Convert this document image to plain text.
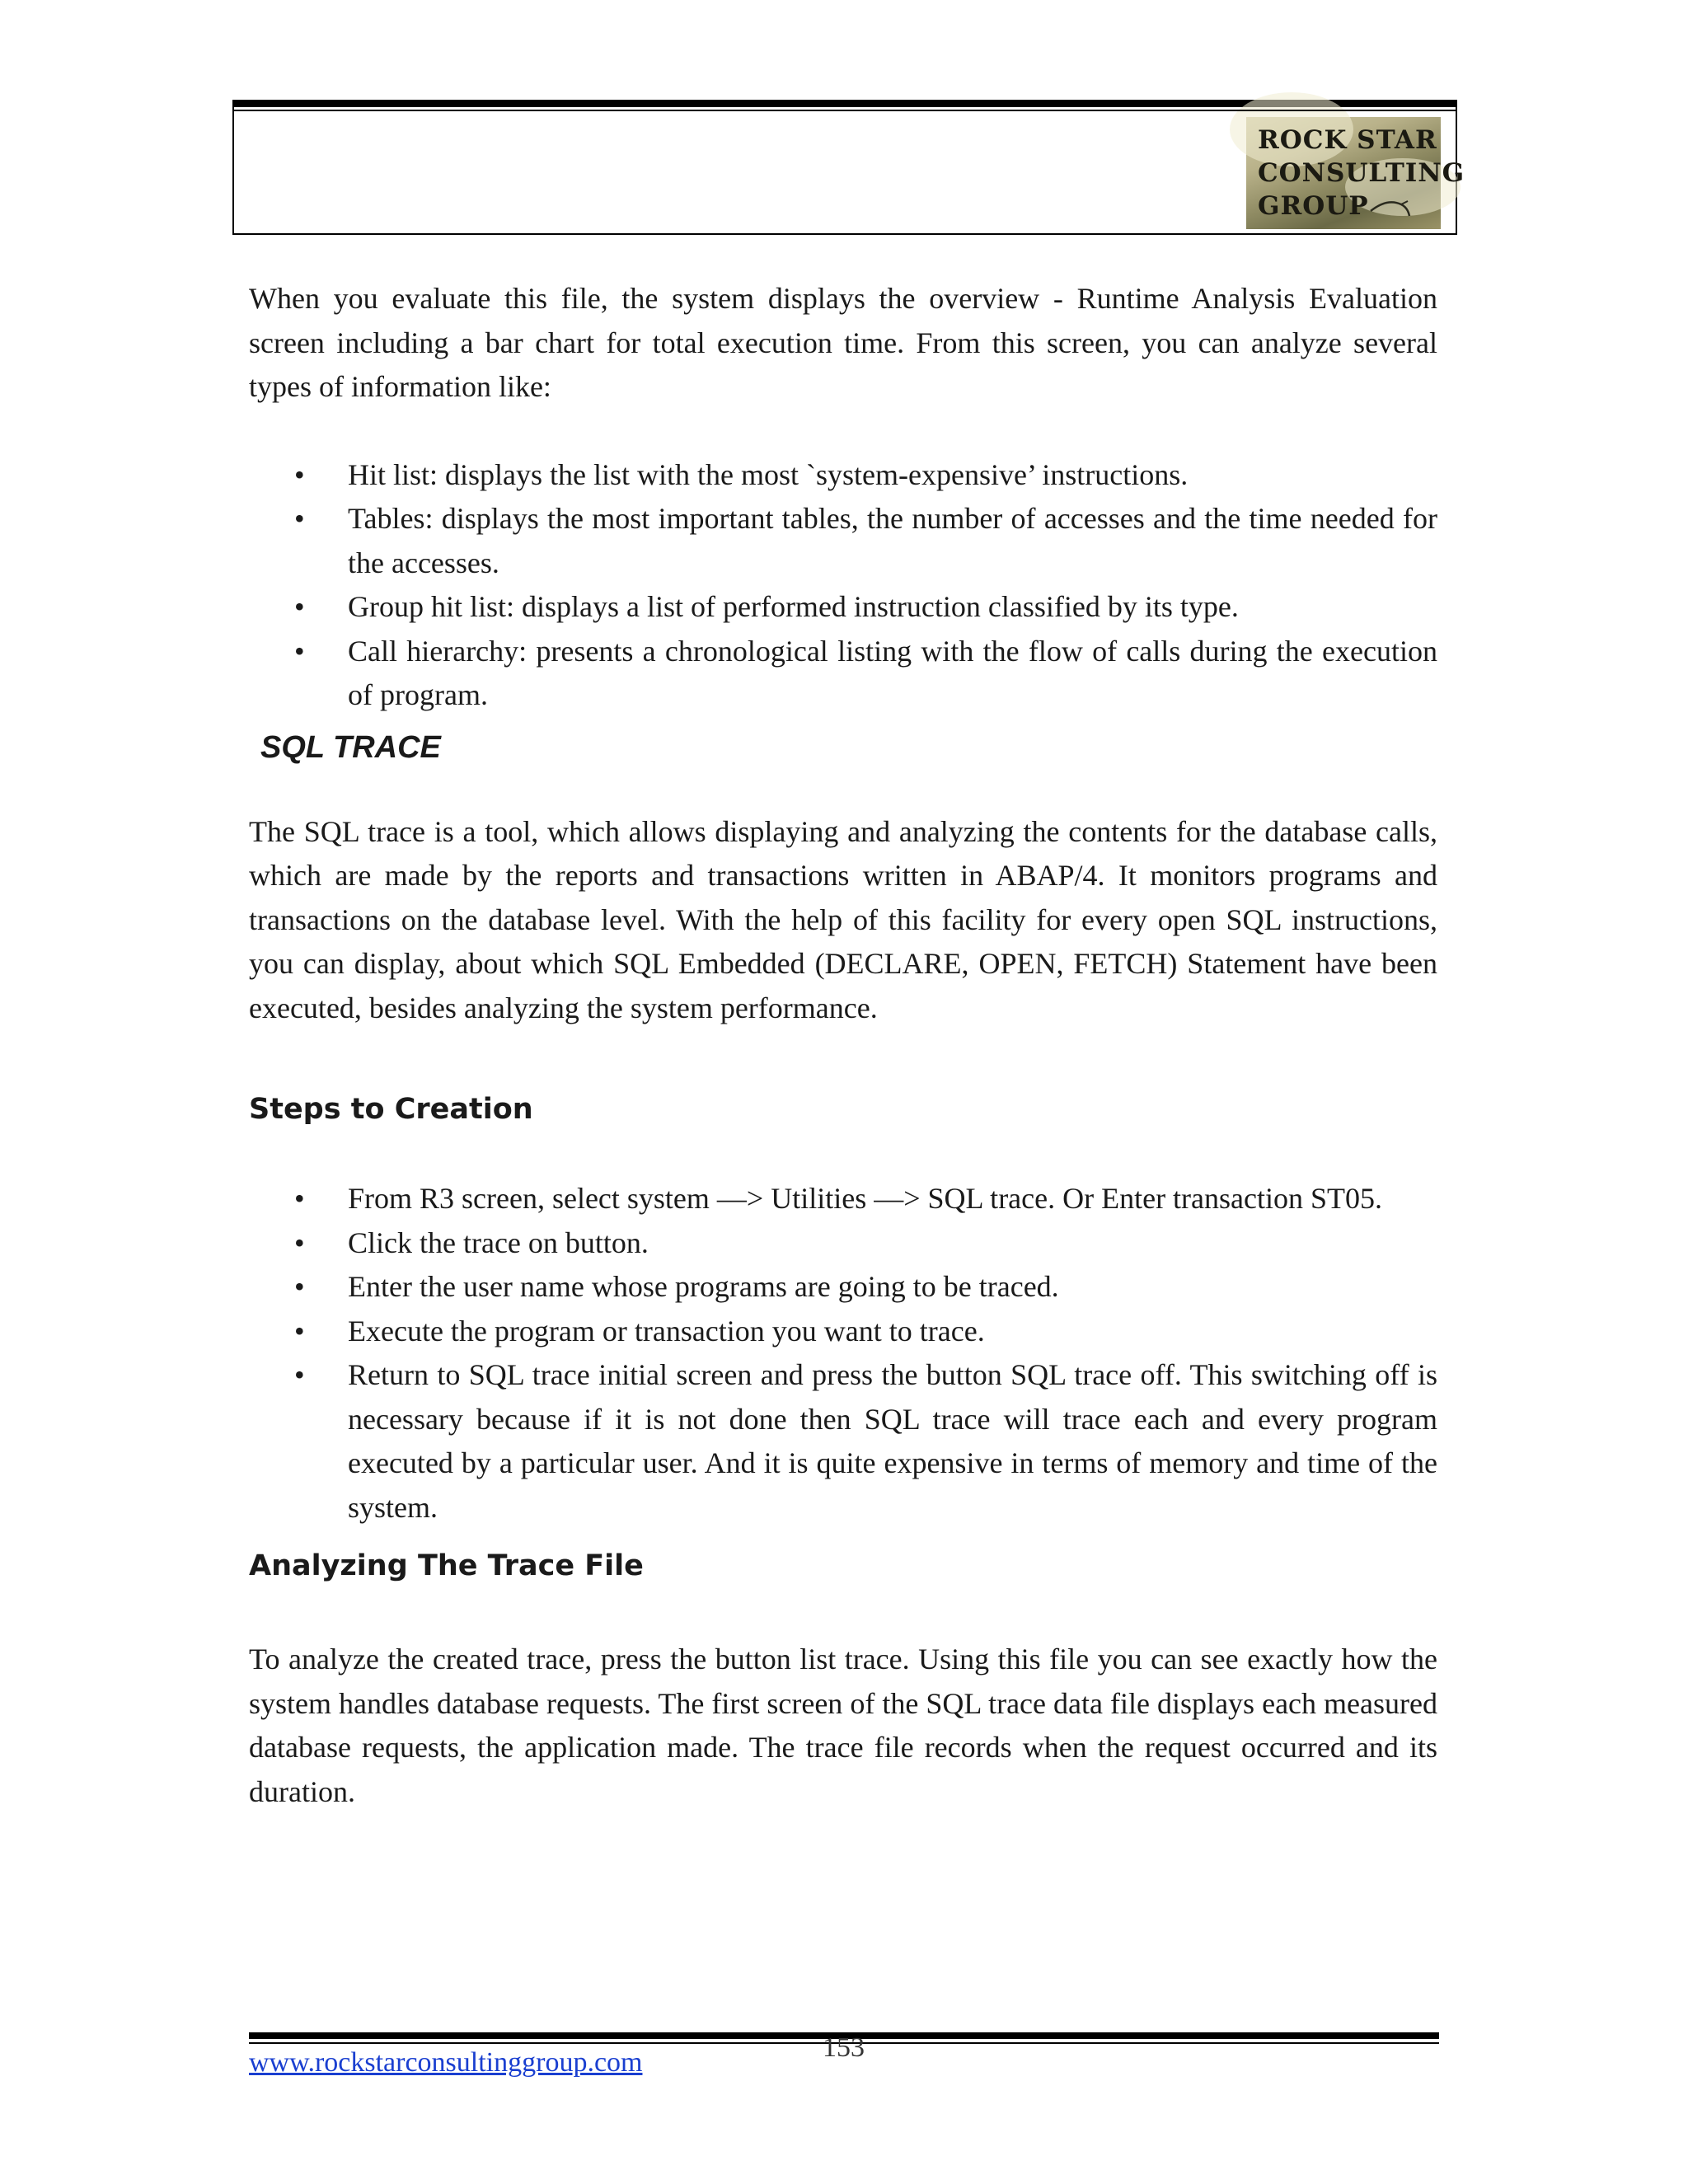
ROCK STAR
CONSULTING
GROUP

When you evaluate this file, the system displays the overview - Runtime Analysis Evaluation screen including a bar chart for total execution time. From this screen, you can analyze several types of information like:

• Hit list: displays the list with the most `system-expensive’ instructions.
• Tables: displays the most important tables, the number of accesses and the time needed for the accesses.
• Group hit list: displays a list of performed instruction classified by its type.
• Call hierarchy: presents a chronological listing with the flow of calls during the execution of program.
SQL TRACE

The SQL trace is a tool, which allows displaying and analyzing the contents for the database calls, which are made by the reports and transactions written in ABAP/4. It monitors programs and transactions on the database level. With the help of this facility for every open SQL instructions, you can display, about which SQL Embedded (DECLARE, OPEN, FETCH) Statement have been executed, besides analyzing the system performance.

Steps to Creation
• From R3 screen, select system —> Utilities —> SQL trace. Or Enter transaction ST05.
• Click the trace on button.
• Enter the user name whose programs are going to be traced.
• Execute the program or transaction you want to trace.
• Return to SQL trace initial screen and press the button SQL trace off. This switching off is necessary because if it is not done then SQL trace will trace each and every program executed by a particular user. And it is quite expensive in terms of memory and time of the system.
Analyzing The Trace File

To analyze the created trace, press the button list trace. Using this file you can see exactly how the system handles database requests. The first screen of the SQL trace data file displays each measured database requests, the application made. The trace file records when the request occurred and its duration.

www.rockstarconsultinggroup.com	153
